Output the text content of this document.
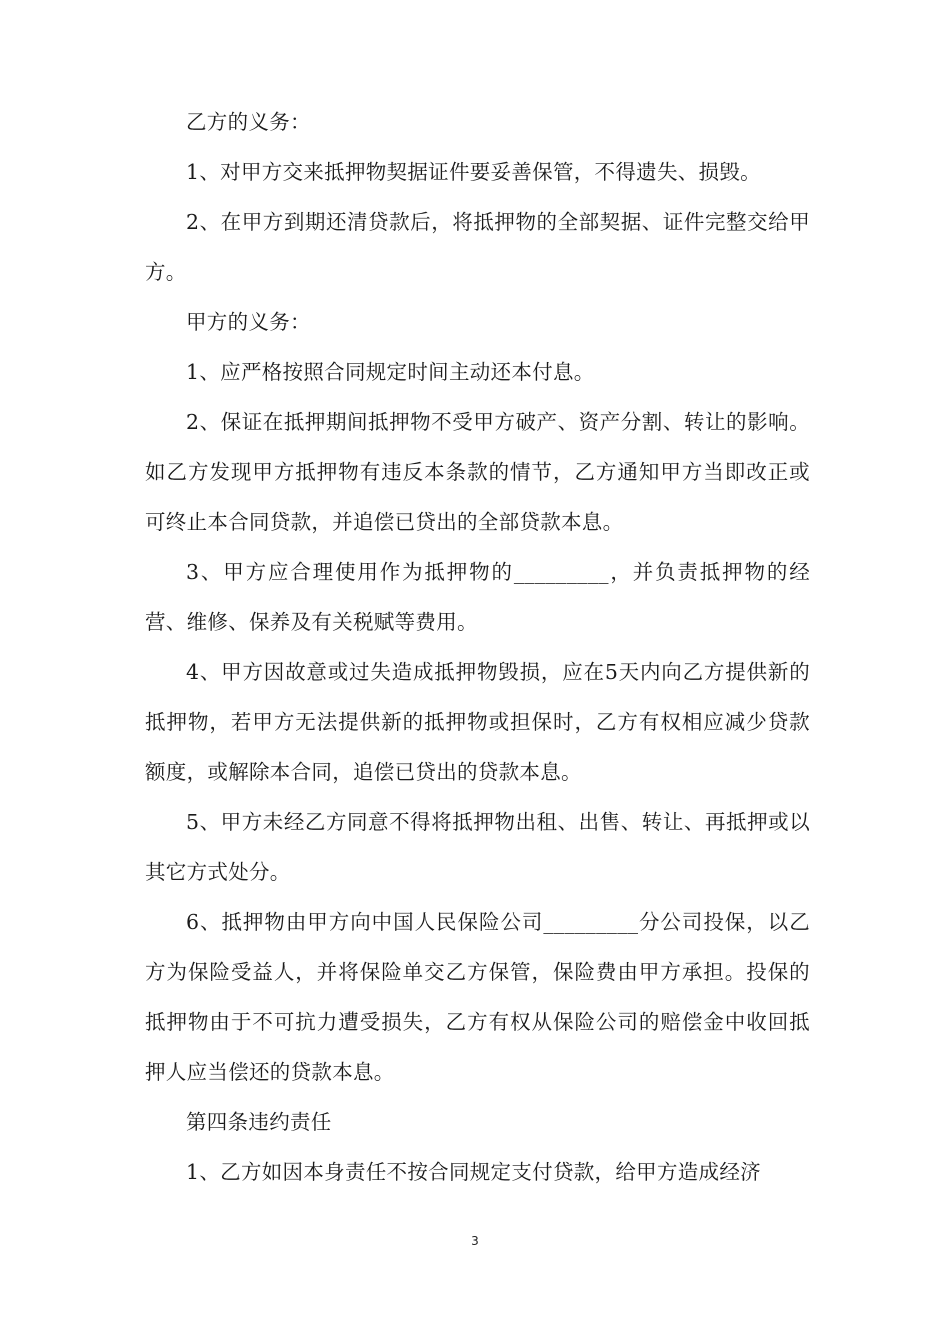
乙方的义务：

1、对甲方交来抵押物契据证件要妥善保管，不得遗失、损毁。

2、在甲方到期还清贷款后，将抵押物的全部契据、证件完整交给甲方。

甲方的义务：

1、应严格按照合同规定时间主动还本付息。

2、保证在抵押期间抵押物不受甲方破产、资产分割、转让的影响。如乙方发现甲方抵押物有违反本条款的情节，乙方通知甲方当即改正或可终止本合同贷款，并追偿已贷出的全部贷款本息。

3、甲方应合理使用作为抵押物的_________，并负责抵押物的经营、维修、保养及有关税赋等费用。

4、甲方因故意或过失造成抵押物毁损，应在5天内向乙方提供新的抵押物，若甲方无法提供新的抵押物或担保时，乙方有权相应减少贷款额度，或解除本合同，追偿已贷出的贷款本息。

5、甲方未经乙方同意不得将抵押物出租、出售、转让、再抵押或以其它方式处分。

6、抵押物由甲方向中国人民保险公司_________分公司投保，以乙方为保险受益人，并将保险单交乙方保管，保险费由甲方承担。投保的抵押物由于不可抗力遭受损失，乙方有权从保险公司的赔偿金中收回抵押人应当偿还的贷款本息。

第四条违约责任

1、乙方如因本身责任不按合同规定支付贷款，给甲方造成经济

3
